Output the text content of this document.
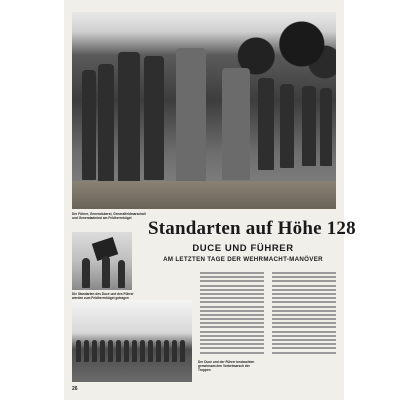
Der Führer, Generaloberst, Generalfeldmarschall und Generaladmiral am Feldherrnhügel
Die Standarten des Duce und des Führer werden zum Feldherrnhügel getragen
Der Duce und der Führer beobachten gemeinsam den Vorbeimarsch der Truppen
Standarten auf Höhe 128
DUCE UND FÜHRER
AM LETZTEN TAGE DER WEHRMACHT-MANÖVER
26
